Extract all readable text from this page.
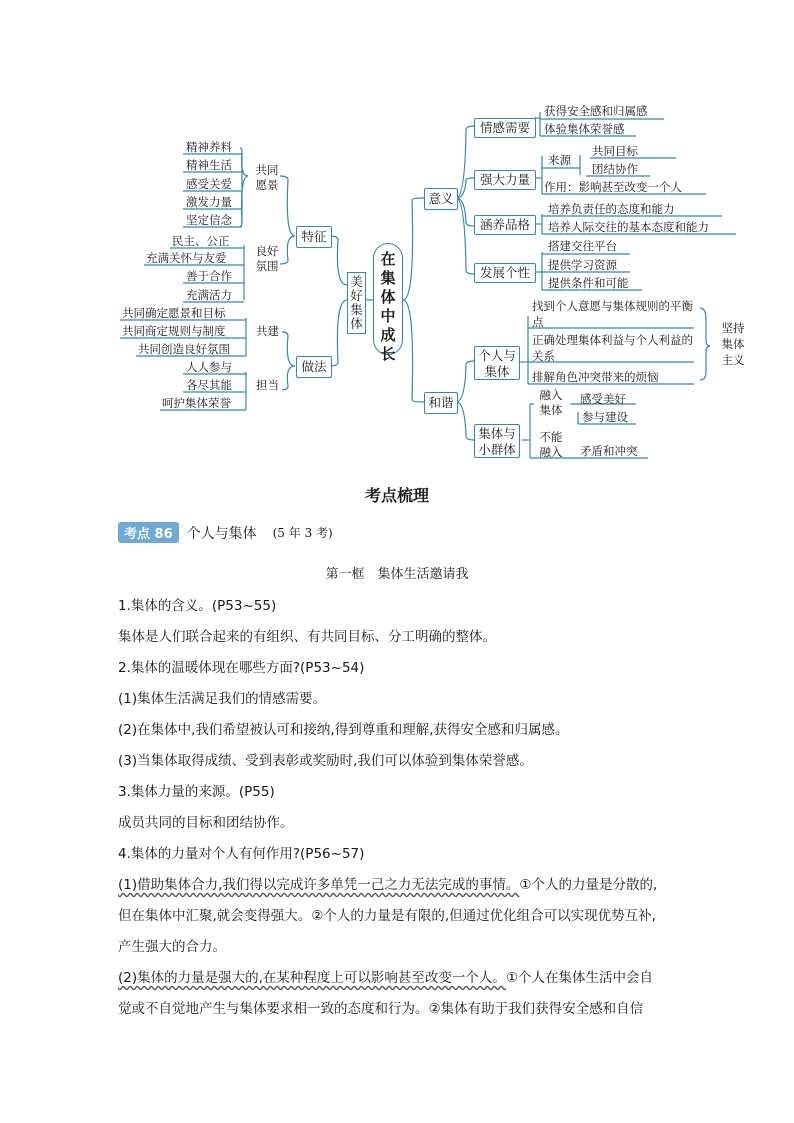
精神养料
精神生活
感受关爱
激发力量
坚定信念
共同愿景
民主、公正
充满关怀与友爱
善于合作
充满活力
良好氛围
特征
做法
美好集体
共同确定愿景和目标
共同商定规则与制度
共同创造良好氛围
共建
人人参与
各尽其能
呵护集体荣誉
担当
在集体中成长
意义
和谐
情感需要
获得安全感和归属感
体验集体荣誉感
强大力量
来源
共同目标
团结协作
作用：影响甚至改变一个人
涵养品格
培养负责任的态度和能力
培养人际交往的基本态度和能力
发展个性
搭建交往平台
提供学习资源
提供条件和可能
个人与集体
找到个人意愿与集体规则的平衡点
正确处理集体利益与个人利益的关系
排解角色冲突带来的烦恼
坚持集体主义
集体与小群体
融入集体
感受美好
参与建设
不能融入 矛盾和冲突
考点梳理
考点 86	个人与集体 (5 年 3 考)
第一框　集体生活邀请我
1.集体的含义。(P53~55)
集体是人们联合起来的有组织、有共同目标、分工明确的整体。
2.集体的温暖体现在哪些方面?(P53~54)
(1)集体生活满足我们的情感需要。
(2)在集体中,我们希望被认可和接纳,得到尊重和理解,获得安全感和归属感。
(3)当集体取得成绩、受到表彰或奖励时,我们可以体验到集体荣誉感。
3.集体力量的来源。(P55)
成员共同的目标和团结协作。
4.集体的力量对个人有何作用?(P56~57)
(1)借助集体合力,我们得以完成许多单凭一己之力无法完成的事情。①个人的力量是分散的,
但在集体中汇聚,就会变得强大。②个人的力量是有限的,但通过优化组合可以实现优势互补,
产生强大的合力。
(2)集体的力量是强大的,在某种程度上可以影响甚至改变一个人。①个人在集体生活中会自
觉或不自觉地产生与集体要求相一致的态度和行为。②集体有助于我们获得安全感和自信
